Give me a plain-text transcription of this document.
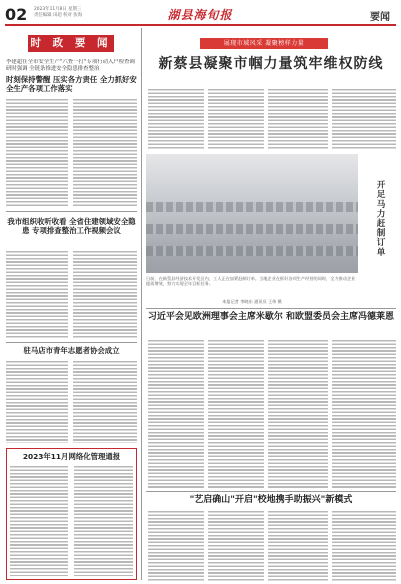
02	2023年11月8日 星期三
责任编辑 田超 校对 张海	湖县海旬报	要闻
时 政 要 闻
李建超在全市安全生产"六查一打"专项行动入户检查调研时强调 全链条推进安全隐患排查整治
时刻保持警醒 压实各方责任 全力抓好安全生产各项工作落实
我市组织收听收看 全省住建领域安全隐患 专项排查整治工作视频会议
驻马店市青年志愿者协会成立
2023年11月网络化管理通报
展现市域风采 凝聚榜样力量
新蔡县凝聚市帼力量筑牢维权防线
开足马力赶制订单
日前，在新蔡县经济技术开发区内，工人正在加紧赶制订单。当地企业在抓好各项生产经营的同时，全力推动企业提质增效，努力实现全年目标任务。
本报记者 李晓东 通讯员 王伟 摄
习近平会见欧洲理事会主席米歇尔 和欧盟委员会主席冯德莱恩
"艺启确山"开启"校地携手助振兴"新模式
